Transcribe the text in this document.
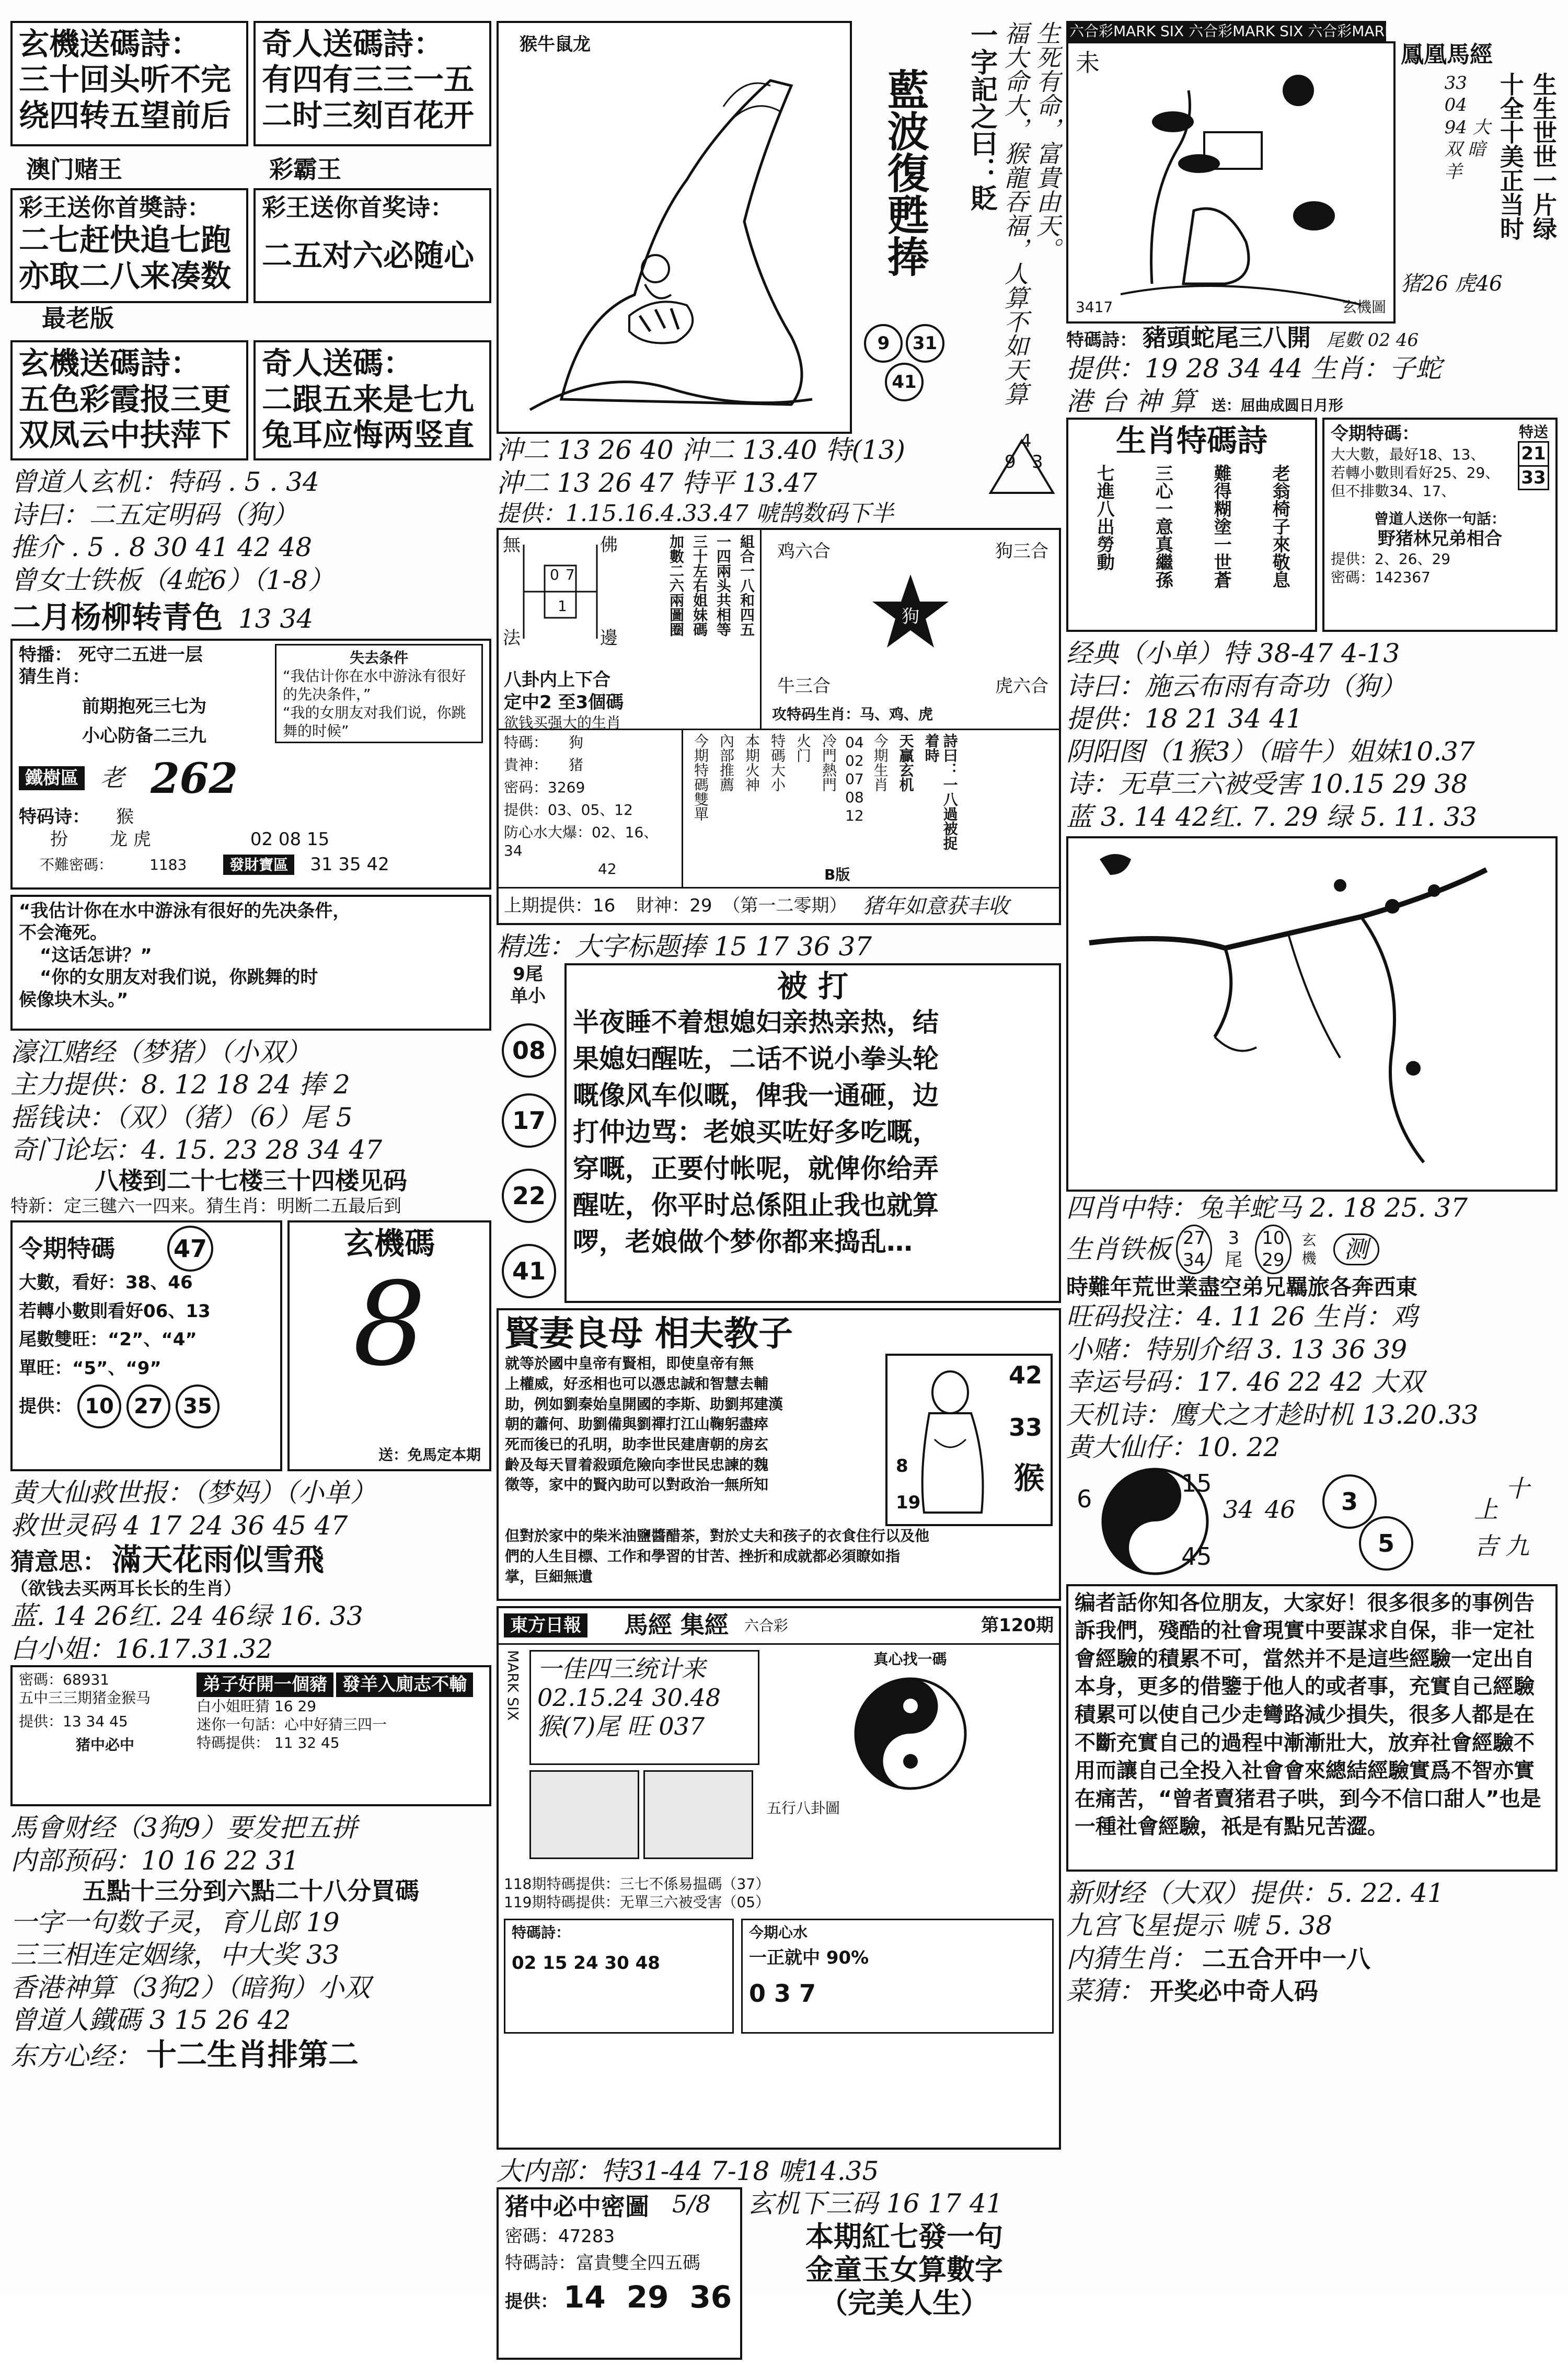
玄機送碼詩：
三十回头听不完
绕四转五望前后
奇人送碼詩：
有四有三三一五
二时三刻百花开
澳门赌王	彩霸王
彩王送你首奬詩：
二七赶快追七跑
亦取二八来凑数
彩王送你首奖诗：
二五对六必随心
最老版
玄機送碼詩：
五色彩霞报三更
双凤云中扶萍下
奇人送碼：
二跟五来是七九
兔耳应悔两竖直
曾道人玄机：特码 . 5 . 34
诗曰：二五定明码（狗）
推介 . 5 . 8 30 41 42 48
曾女士铁板（4蛇6）（1-8）
二月杨柳转青色 13 34
特播： 死守二五进一层
猜生肖：
前期抱死三七为
小心防备二三九
失去条件
“我估计你在水中游泳有很好的先决条件，”
“我的女朋友对我们说，你跳舞的时候”
鐵樹區 老 262
特码诗： 猴
扮 龙 虎	02 08 15
不難密碼：	1183	發財寶區	31 35 42
“我估计你在水中游泳有很好的先决条件，
不会淹死。
“这话怎讲？”
“你的女朋友对我们说，你跳舞的时
候像块木头。”
濠江赌经（梦猪）（小双）
主力提供：8. 12 18 24 捧 2
摇钱诀：（双）（猪）（6）尾 5
奇门论坛：4. 15. 23 28 34 47
八楼到二十七楼三十四楼见码
特新：定三毽六一四来。猜生肖：明断二五最后到
令期特碼 47
大數，看好：38、46
若轉小數則看好06、13
尾數雙旺：“2”、“4”
單旺：“5”、“9”
提供： 10 27 35
玄機碼
8
送：免馬定本期
黄大仙救世报：（梦妈）（小单）
救世灵码 4 17 24 36 45 47
猜意思： 滿天花雨似雪飛
（欲钱去买两耳长长的生肖）
蓝. 14 26红. 24 46绿 16. 33
白小姐：16.17.31.32
密碼：68931
五中三三期猪金猴马
提供：13 34 45
猪中必中
弟子好開一個豬 發羊入廁志不輸
白小姐旺猜 16 29
迷你一句話：心中好猜三四一
特碼提供： 11 32 45
馬會财经（3狗9）要发把五拼
内部预码：10 16 22 31
五點十三分到六點二十八分買碼
一字一句数子灵，育儿郎 19
三三相连定姻缘，中大奖 33
香港神算（3狗2）（暗狗）小双
曾道人鐵碼 3 15 26 42
东方心经： 十二生肖排第二
猴牛鼠龙
藍波復甦捧
9 31 41
生死有命，富貴由天。
福大命大，猴龍吞福，人算不如天算
一字記之曰：貶
沖二 13 26 40 沖二 13.40 特(13)
沖二 13 26 47 特平 13.47
4
9 3
提供：1.15.16.4.33.47 唬鹄数码下半
無	佛
法	邊
0 7
1	組合一八和四五
一四兩头共相等
三十左右姐妹碼
加數二六兩圖圈
八卦内上下合
定中2 至3個碼
欲钱买强大的生肖
鸡六合	狗三合
牛三合	虎六合
狗
攻特码生肖：马、鸡、虎
特碼： 狗
貴神： 猪
密码：3269
提供：03、05、12
防心水大爆：02、16、34
42
今期特碼雙單 內部推薦 本期火神 特碼大小 火门 冷門熱門 04
02
07
08
12
今期生肖 天贏玄机	詩曰：一八過被捉着時
B版
上期提供：16 財神：29 （第一二零期） 猪年如意获丰收
精选：大字标题捧 15 17 36 37
9尾
单小
08 17 22 41
被 打
半夜睡不着想媳妇亲热亲热，结
果媳妇醒咗，二话不说小拳头轮
嘅像风车似嘅，俾我一通砸，边
打仲边骂：老娘买咗好多吃嘅，
穿嘅，正要付帐呢，就俾你给弄
醒咗，你平时总係阻止我也就算
啰，老娘做个梦你都来捣乱…
賢妻良母 相夫教子
就等於國中皇帝有賢相，即使皇帝有無
上權威，好丞相也可以憑忠誠和智慧去輔
助，例如劉秦始皇開國的李斯、助劉邦建漢
朝的蕭何、助劉備與劉禪打江山鞠躬盡瘁
死而後已的孔明，助李世民建唐朝的房玄
齡及每天冒着殺頭危險向李世民忠諫的魏
徵等，家中的賢內助可以對政治一無所知
42
33
8
19
猴
但對於家中的柴米油鹽醬醋茶，對於丈夫和孩子的衣食住行以及他
們的人生目標、工作和學習的甘苦、挫折和成就都必須瞭如指
掌，巨細無遺
東方日報 馬經 集經 六合彩	第120期
MARK SIX 一佳四三统计来
02.15.24 30.48
猴(7)尾 旺 037
真心找一碼
五行八卦圖
118期特碼提供：三七不係易揾碼（37）
119期特碼提供：无單三六被受害（05）
特碼詩：
02 15 24 30 48
今期心水
一正就中 90%
0 3 7
大内部：特31-44 7-18 唬14.35
猪中必中密圖
密碼：47283
特碼詩：富貴雙全四五碼
提供： 14 29 36
5/8	玄机下三码 16 17 41
本期紅七發一句
金童玉女算數字
（完美人生）
六合彩MARK SIX 六合彩MARK SIX 六合彩MARK SIX 六合彩MARK SIX
未
3417	玄機圖
鳳凰馬經
生生世世一片绿
十全十美正当时
33 04 94 大双 暗羊
猪26 虎46
特碼詩： 豬頭蛇尾三八開 尾數 02 46
提供：19 28 34 44 生肖：子蛇
港 台 神 算 送：屈曲成圆日月形
生肖特碼詩
老翁椅子來敬息
難得糊塗一世蒼
三心一意真繼孫
七進八出勞動
令期特碼：
大大數，最好18、13、
若轉小數則看好25、29、
但不排數34、17、
特送
21
33
曾道人送你一句話：
野猪林兄弟相合
提供：2、26、29
密碼：142367
经典（小单）特 38-47 4-13
诗曰：施云布雨有奇功（狗）
提供：18 21 34 41
阴阳图（1猴3）（暗牛）姐妹10.37
诗：无草三六被受害 10.15 29 38
蓝 3. 14 42红. 7. 29 绿 5. 11. 33
四肖中特：兔羊蛇马 2. 18 25. 37
生肖铁板 27
34
3
尾
10
29
玄 機	测
時難年荒世業盡空弟兄羈旅各奔西東
旺码投注：4. 11 26 生肖：鸡
小赌：特别介绍 3. 13 36 39
幸运号码：17. 46 22 42 大双
天机诗：鹰犬之才趁时机 13.20.33
黄大仙仔：10. 22
6
15
45
34 46	3
5
上
十
吉 九
编者話你知各位朋友，大家好！很多很多的事例告訴我們，殘酷的社會現實中要謀求自保，非一定社會經驗的積累不可，當然并不是這些經驗一定出自本身，更多的借鑒于他人的或者事，充實自己經驗積累可以使自己少走彎路減少損失，很多人都是在不斷充實自己的過程中漸漸壯大，放弃社會經驗不用而讓自己全投入社會會來總結經驗實爲不智亦實在痛苦，“曾者賣猪君子哄，到今不信口甜人”也是一種社會經驗，祇是有點兄苦澀。
新财经（大双）提供：5. 22. 41
九宫飞星提示 唬 5. 38
内猜生肖： 二五合开中一八
菜猜： 开奖必中奇人码
